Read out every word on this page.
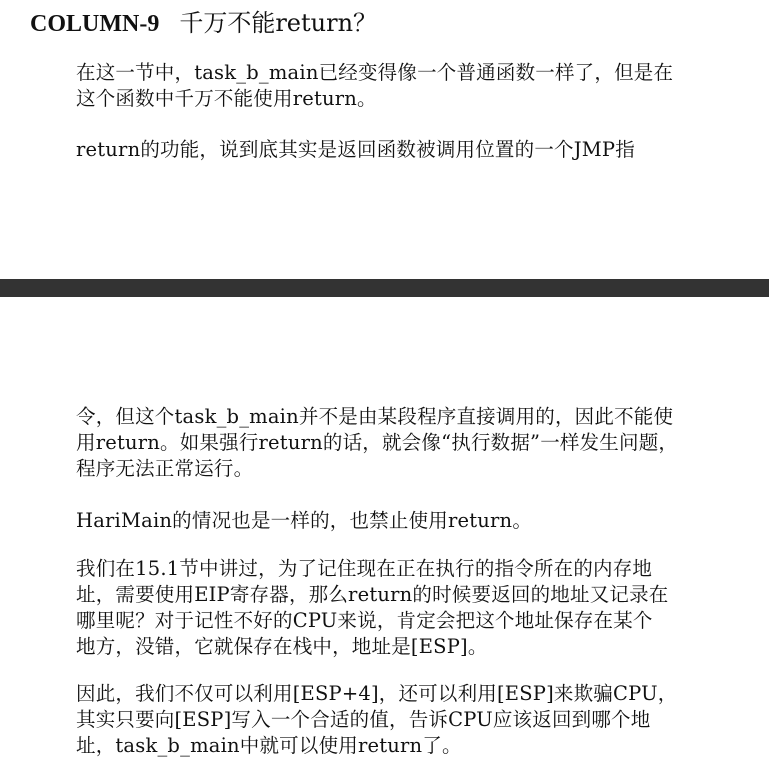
COLUMN-9 千万不能return？

在这一节中，task_b_main已经变得像一个普通函数一样了，但是在
这个函数中千万不能使用return。

return的功能，说到底其实是返回函数被调用位置的一个JMP指

令，但这个task_b_main并不是由某段程序直接调用的，因此不能使
用return。如果强行return的话，就会像“执行数据”一样发生问题，
程序无法正常运行。

HariMain的情况也是一样的，也禁止使用return。

我们在15.1节中讲过，为了记住现在正在执行的指令所在的内存地
址，需要使用EIP寄存器，那么return的时候要返回的地址又记录在
哪里呢？对于记性不好的CPU来说，肯定会把这个地址保存在某个
地方，没错，它就保存在栈中，地址是[ESP]。

因此，我们不仅可以利用[ESP+4]，还可以利用[ESP]来欺骗CPU，
其实只要向[ESP]写入一个合适的值，告诉CPU应该返回到哪个地
址，task_b_main中就可以使用return了。
